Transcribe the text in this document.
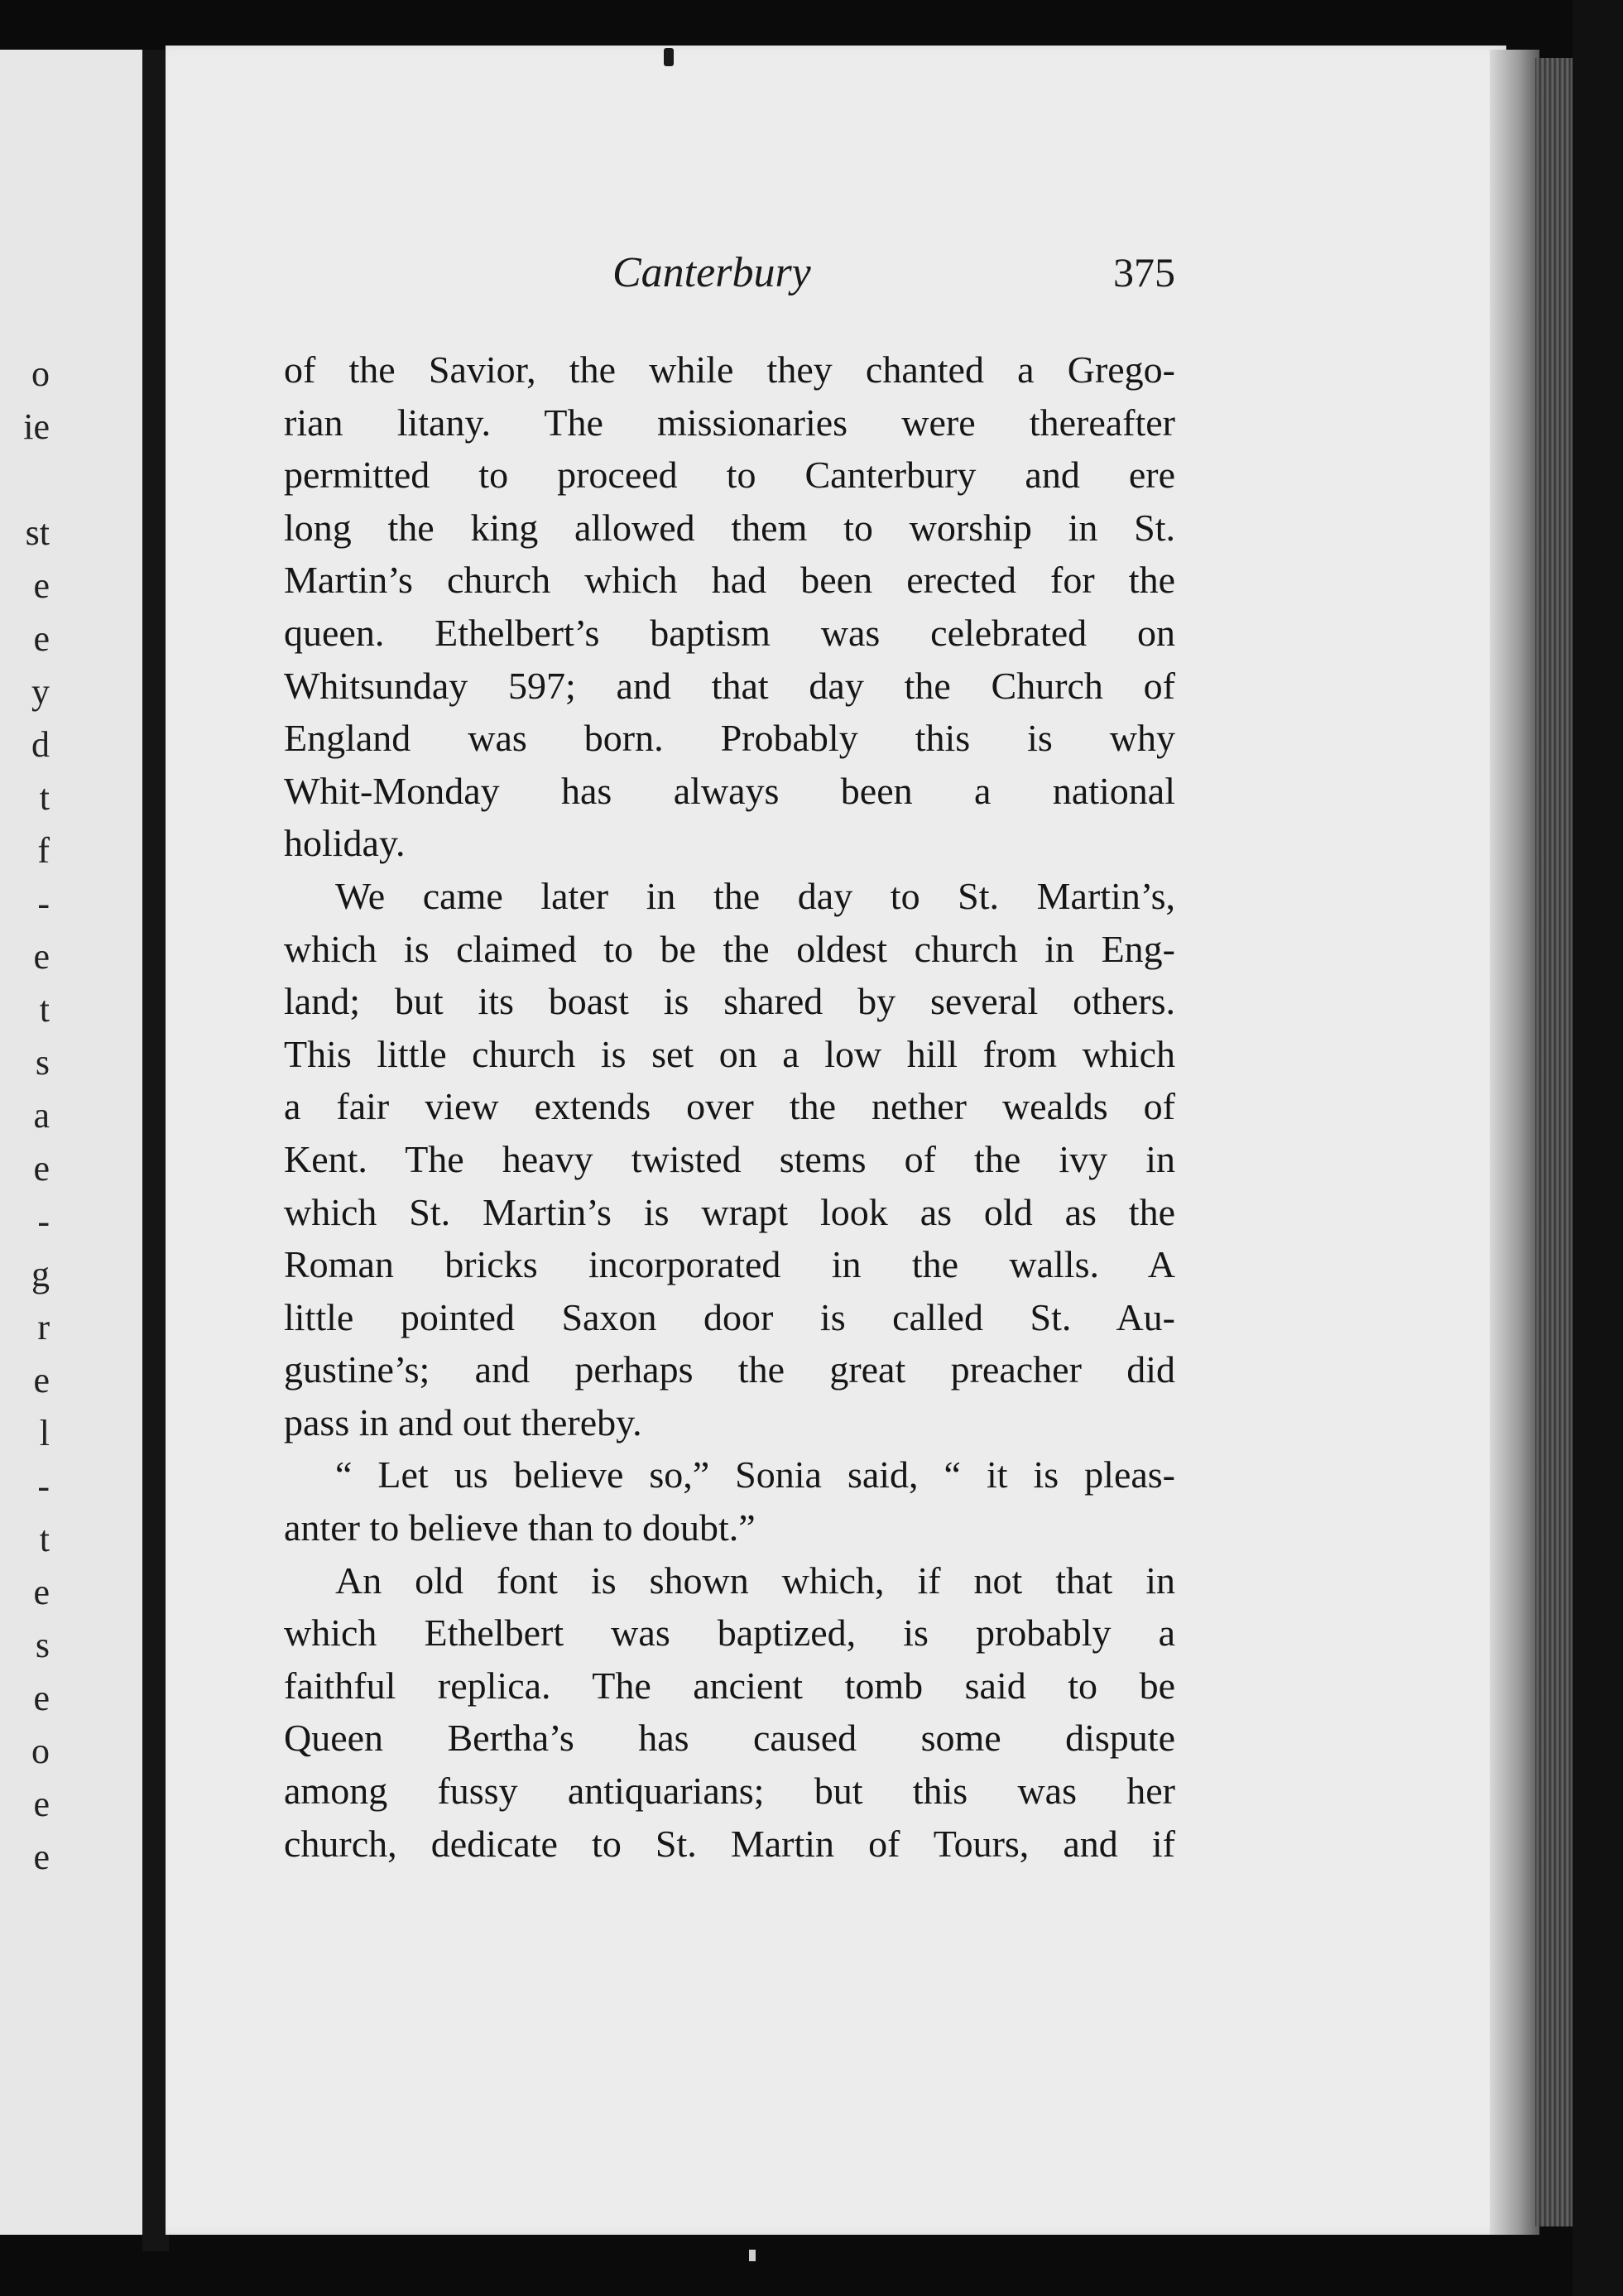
o
ie
st
e
e
y
d
t
f
-
e
t
s
a
e
-
g
r
e
l
-
t
e
s
e
o
e
e
Canterbury	375
of the Savior, the while they chanted a Grego-
rian litany. The missionaries were thereafter
permitted to proceed to Canterbury and ere
long the king allowed them to worship in St.
Martin’s church which had been erected for the
queen. Ethelbert’s baptism was celebrated on
Whitsunday 597; and that day the Church of
England was born. Probably this is why
Whit-Monday has always been a national
holiday.
We came later in the day to St. Martin’s,
which is claimed to be the oldest church in Eng-
land; but its boast is shared by several others.
This little church is set on a low hill from which
a fair view extends over the nether wealds of
Kent. The heavy twisted stems of the ivy in
which St. Martin’s is wrapt look as old as the
Roman bricks incorporated in the walls. A
little pointed Saxon door is called St. Au-
gustine’s; and perhaps the great preacher did
pass in and out thereby.
“ Let us believe so,” Sonia said, “ it is pleas-
anter to believe than to doubt.”
An old font is shown which, if not that in
which Ethelbert was baptized, is probably a
faithful replica. The ancient tomb said to be
Queen Bertha’s has caused some dispute
among fussy antiquarians; but this was her
church, dedicate to St. Martin of Tours, and if
